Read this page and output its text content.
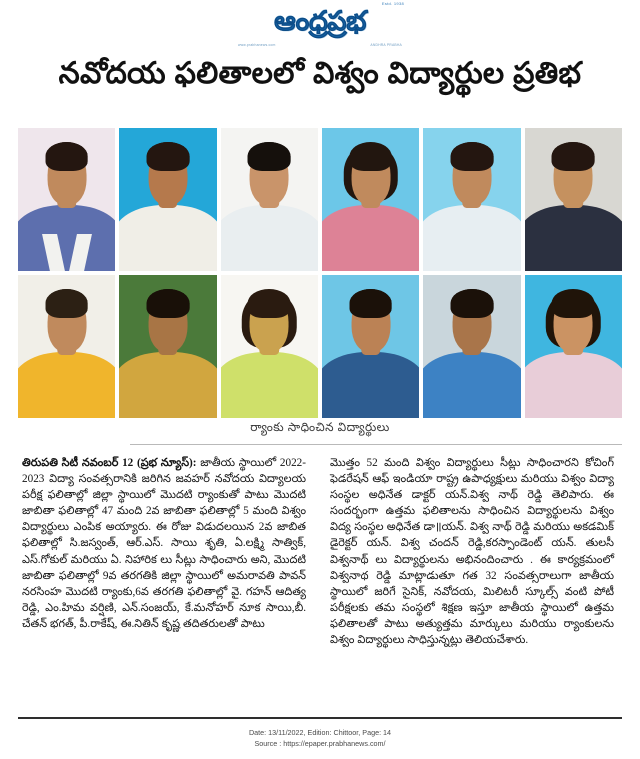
Estd. 1938
ఆంధ్రప్రభ
www.prabhanews.com	ANDHRA PRABHA
నవోదయ ఫలితాలలో విశ్వం విద్యార్థుల ప్రతిభ
ర్యాంకు సాధించిన విద్యార్థులు
తిరుపతి సిటీ నవంబర్ 12 (ప్రభ న్యూస్): జాతీయ స్థాయిలో 2022-2023 విద్యా సంవత్సరానికి జరిగిన జవహర్ నవోదయ విద్యాలయ పరీక్ష ఫలితాల్లో జిల్లా స్థాయిలో మొదటి ర్యాంకుతో పాటు మొదటి జాబితా ఫలితాల్లో 47 మంది 2వ జాబితా ఫలితాల్లో 5 మంది విశ్వం విద్యార్థులు ఎంపిక అయ్యారు. ఈ రోజు విడుదలయిన 2వ జాబిత ఫలితాల్లో సి.జస్వంత్, ఆర్.ఎస్. సాయి శృతి, ఏ.లక్ష్మి సాత్విక్, ఎస్.గోకుల్ మరియు ఏ. నిహారిక లు సీట్లు సాధించారు అని, మొదటి జాబితా ఫలితాల్లో 9వ తరగతికి జిల్లా స్థాయిలో అమరావతి పావన్ నరసింహ మొదటి ర్యాంకు,6వ తరగతి ఫలితాల్లో వై. గహన్ ఆదిత్య రెడ్డి, ఎం.హిమ వర్షిణి, ఎన్.సంజయ్, కే.మనోహర్ నూక సాయి,బీ. చేతన్ భగత్, పీ.రాకేష్, ఈ.నితిన్ కృష్ణ తదితరులతో పాటు
మొత్తం 52 మంది విశ్వం విద్యార్థులు సీట్లు సాధించారని కోచింగ్ ఫెడరేషన్ ఆఫ్ ఇండియా రాష్ట్ర ఉపాధ్యక్షులు మరియు విశ్వం విద్యా సంస్థల అధినేత డాక్టర్ యన్.విశ్వ నాథ్ రెడ్డి తెలిపారు. ఈ సందర్భంగా ఉత్తమ ఫలితాలను సాధించిన విద్యార్థులను విశ్వం విద్య సంస్థల అధినేత డా॥యన్. విశ్వ నాథ్ రెడ్డి మరియు అకడమిక్ డైరెక్టర్ యన్. విశ్వ చందన్ రెడ్డి,కరస్పాండెంట్ యన్. తులసీ విశ్వనాథ్ లు విద్యార్థులను అభినందించారు . ఈ కార్యక్రమంలో విశ్వనాథ రెడ్డి మాట్లాడుతూ గత 32 సంవత్సరాలుగా జాతీయ స్థాయిలో జరిగే సైనిక్, నవోదయ, మిలిటరీ స్కూల్స్ వంటి పోటీ పరీక్షలకు తమ సంస్థలో శిక్షణ ఇస్తూ జాతీయ స్థాయిలో ఉత్తమ ఫలితాలతో పాటు అత్యుత్తమ మార్కులు మరియు ర్యాంకులను విశ్వం విద్యార్థులు సాధిస్తున్నట్లు తెలియచేశారు.
Date: 13/11/2022, Edition: Chittoor, Page: 14
Source : https://epaper.prabhanews.com/
